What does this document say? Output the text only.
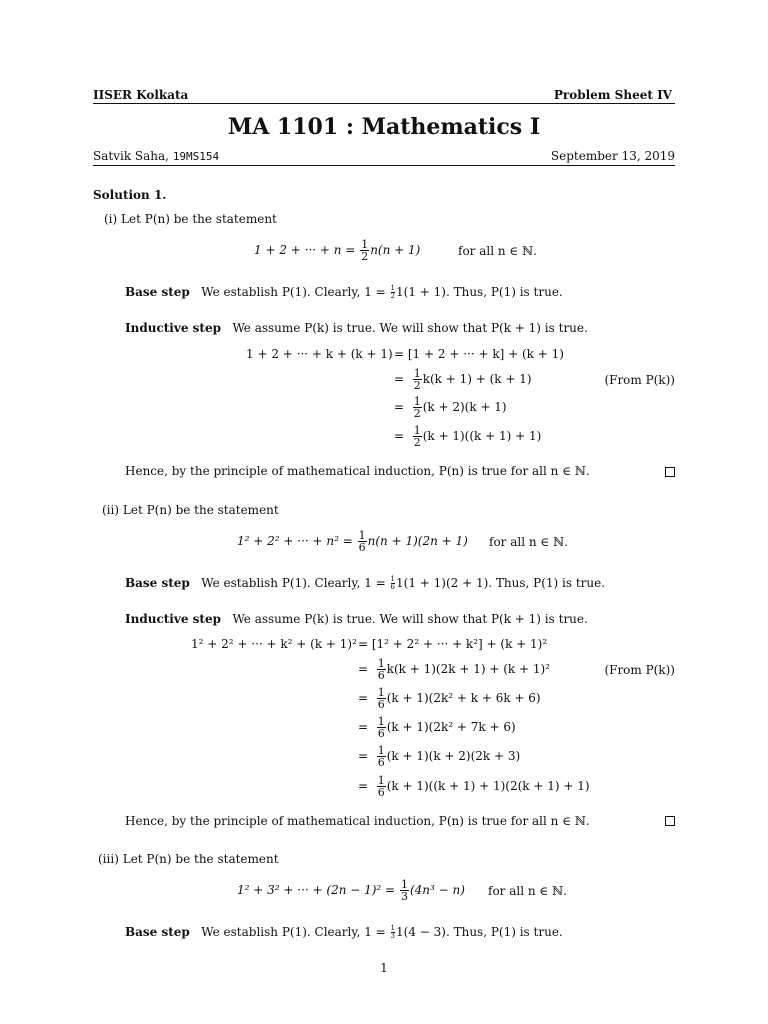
IISER Kolkata	Problem Sheet IV
MA 1101 : Mathematics I
Satvik Saha, 19MS154	September 13, 2019
Solution 1.
(i) Let P(n) be the statement
1 + 2 + ··· + $n = \frac{1}{2} n(n + 1)$	for all n ∈ ℕ.
Base step We establish P(1). Clearly, $1 = \frac{1}{2} 1(1 + 1)$. Thus, P(1) is true.
Inductive step We assume P(k) is true. We will show that P(k + 1) is true.
1 + 2 + ··· + k + (k + 1) = [1 + 2 + ··· + k] + (k + 1)
= $\frac{1}{2} k(k + 1) + (k + 1)$	(From P(k))
= $\frac{1}{2} (k + 2)(k + 1)$
= $\frac{1}{2} (k + 1)((k + 1) + 1)$
Hence, by the principle of mathematical induction, P(n) is true for all n ∈ ℕ.
(ii) Let P(n) be the statement
1² + 2² + ··· + $n^2 = \frac{1}{6} n(n + 1)(2n + 1)$ for all n ∈ ℕ.
Base step We establish P(1). Clearly, $1 = \frac{1}{6} 1(1 + 1)(2 + 1)$. Thus, P(1) is true.
Inductive step We assume P(k) is true. We will show that P(k + 1) is true.
1² + 2² + ··· + k² + (k + 1)² = [1² + 2² + ··· + k²] + (k + 1)²
= $\frac{1}{6} k(k + 1)(2k + 1) + (k + 1)^2$	(From P(k))
= $\frac{1}{6} (k + 1)(2k^2 + k + 6k + 6)$
= $\frac{1}{6} (k + 1)(2k^2 + 7k + 6)$
= $\frac{1}{6} (k + 1)(k + 2)(2k + 3)$
= $\frac{1}{6} (k + 1)((k + 1) + 1)(2(k + 1) + 1)$
Hence, by the principle of mathematical induction, P(n) is true for all n ∈ ℕ.
(iii) Let P(n) be the statement
1² + 3² + ··· + $(2n - 1)^2 = \frac{1}{3} (4n^3 - n)$ for all n ∈ ℕ.
Base step We establish P(1). Clearly, $1 = \frac{1}{3} 1(4 - 3)$. Thus, P(1) is true.
1
